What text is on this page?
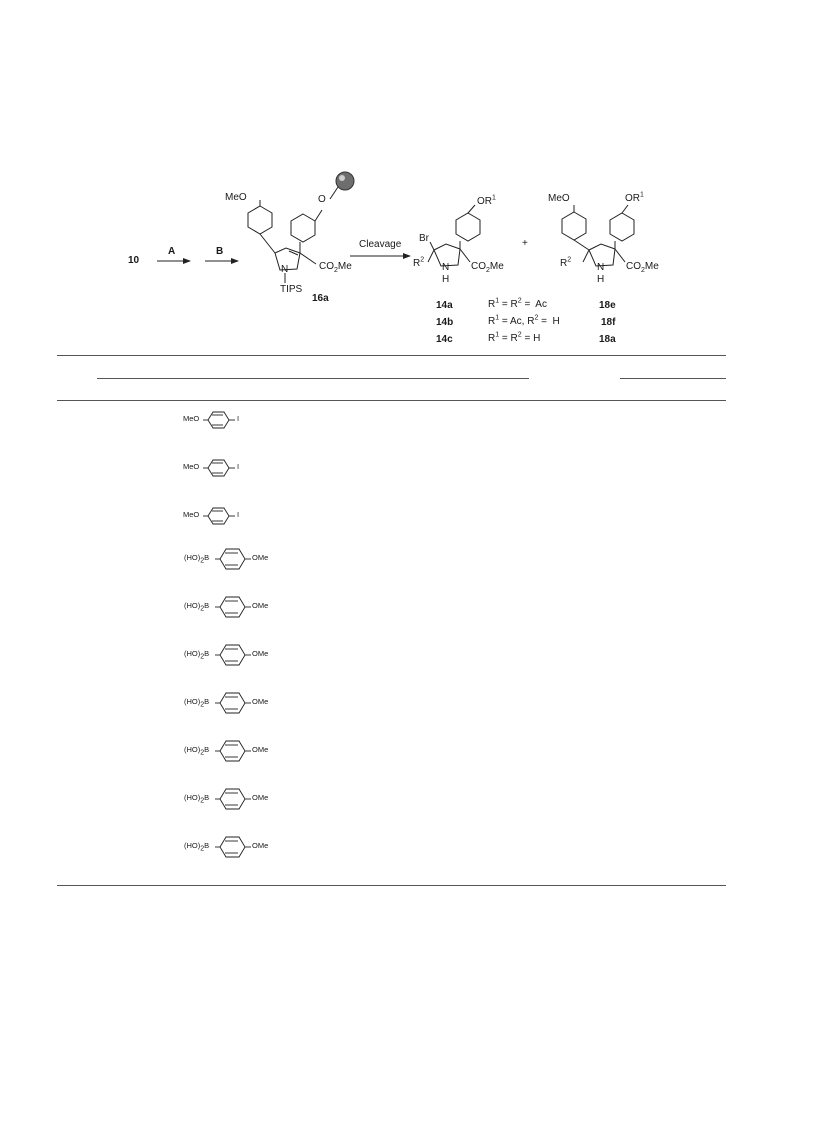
10
A	B
MeO	O
N	$CO_2Me$
TIPS
16a
Cleavage
$OR^1$
Br
$R^2$
N
H
$CO_2Me$
+
MeO	$OR^1$
$R^2$
N
H
$CO_2Me$
14a	$R^1 = R^2 = Ac$	18e
14b	$R^1 = Ac$, $R^2 = H$	18f
14c	$R^1 = R^2 = H$	18a
MeO	I
MeO	I
MeO	I
$(HO)_2B$	OMe
$(HO)_2B$	OMe
$(HO)_2B$	OMe
$(HO)_2B$	OMe
$(HO)_2B$	OMe
$(HO)_2B$	OMe
$(HO)_2B$	OMe
